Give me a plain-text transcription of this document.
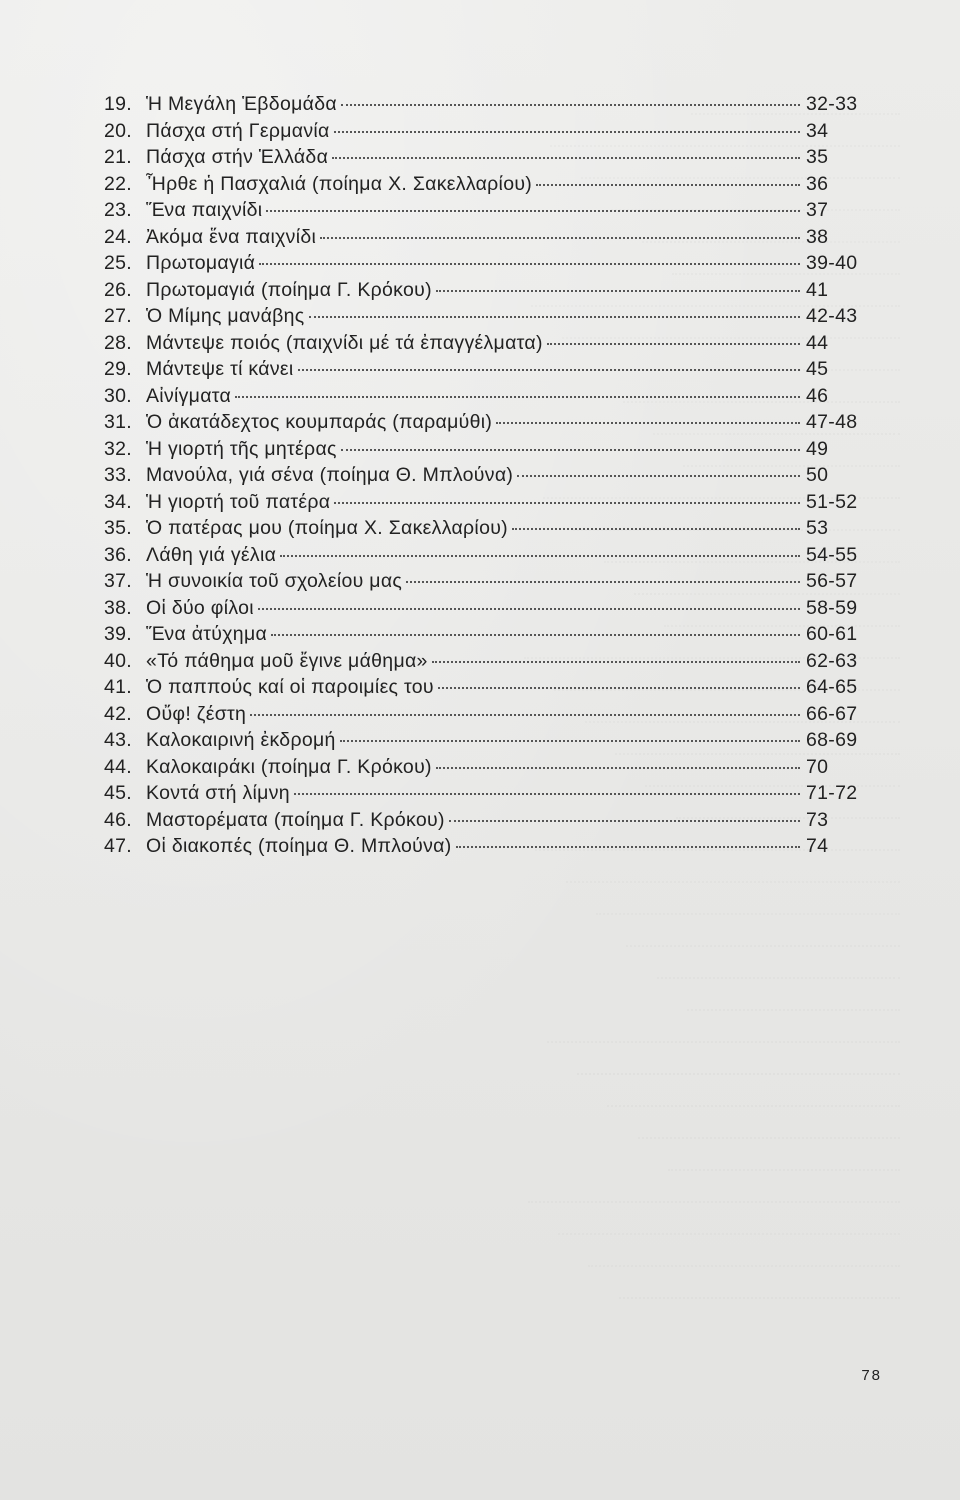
19. Ἡ Μεγάλη Ἑβδομάδα	32-33
20. Πάσχα στή Γερμανία	34
21. Πάσχα στήν Ἑλλάδα	35
22. Ἦρθε ἡ Πασχαλιά (ποίημα Χ. Σακελλαρίου)	36
23. Ἕνα παιχνίδι	37
24. Ἀκόμα ἕνα παιχνίδι	38
25. Πρωτομαγιά	39-40
26. Πρωτομαγιά (ποίημα Γ. Κρόκου)	41
27. Ὁ Μίμης μανάβης	42-43
28. Μάντεψε ποιός (παιχνίδι μέ τά ἐπαγγέλματα)	44
29. Μάντεψε τί κάνει	45
30. Αἰνίγματα	46
31. Ὁ ἀκατάδεχτος κουμπαράς (παραμύθι)	47-48
32. Ἡ γιορτή τῆς μητέρας	49
33. Μανούλα, γιά σένα (ποίημα Θ. Μπλούνα)	50
34. Ἡ γιορτή τοῦ πατέρα	51-52
35. Ὁ πατέρας μου (ποίημα Χ. Σακελλαρίου)	53
36. Λάθη γιά γέλια	54-55
37. Ἡ συνοικία τοῦ σχολείου μας	56-57
38. Οἱ δύο φίλοι	58-59
39. Ἕνα ἀτύχημα	60-61
40. «Τό πάθημα μοῦ ἔγινε μάθημα»	62-63
41. Ὁ παππούς καί οἱ παροιμίες του	64-65
42. Οὔφ! ζέστη	66-67
43. Καλοκαιρινή ἐκδρομή	68-69
44. Καλοκαιράκι (ποίημα Γ. Κρόκου)	70
45. Κοντά στή λίμνη	71-72
46. Μαστορέματα (ποίημα Γ. Κρόκου)	73
47. Οἱ διακοπές (ποίημα Θ. Μπλούνα)	74
78
